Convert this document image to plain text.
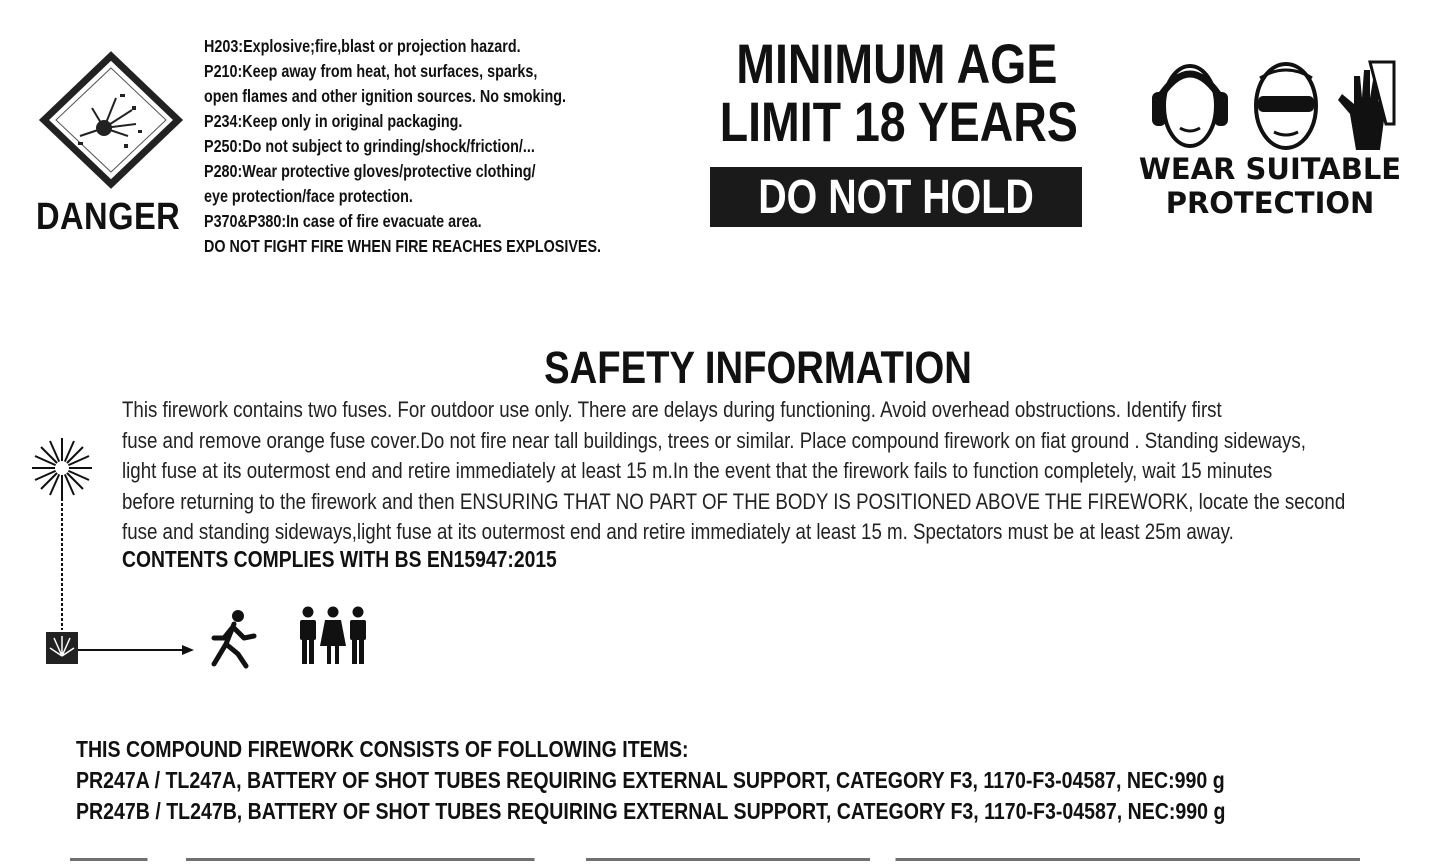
DANGER
H203:Explosive;fire,blast or projection hazard.
P210:Keep away from heat, hot surfaces, sparks,
open flames and other ignition sources. No smoking.
P234:Keep only in original packaging.
P250:Do not subject to grinding/shock/friction/...
P280:Wear protective gloves/protective clothing/
eye protection/face protection.
P370&P380:In case of fire evacuate area.
DO NOT FIGHT FIRE WHEN FIRE REACHES EXPLOSIVES.
MINIMUM AGE
LIMIT 18 YEARS
DO NOT HOLD
WEAR SUITABLE
PROTECTION
SAFETY INFORMATION
This firework contains two fuses. For outdoor use only. There are delays during functioning. Avoid overhead obstructions. Identify first
fuse and remove orange fuse cover.Do not fire near tall buildings, trees or similar. Place compound firework on fiat ground . Standing sideways,
light fuse at its outermost end and retire immediately at least 15 m.In the event that the firework fails to function completely, wait 15 minutes
before returning to the firework and then ENSURING THAT NO PART OF THE BODY IS POSITIONED ABOVE THE FIREWORK, locate the second
fuse and standing sideways,light fuse at its outermost end and retire immediately at least 15 m. Spectators must be at least 25m away.
CONTENTS COMPLIES WITH BS EN15947:2015
THIS COMPOUND FIREWORK CONSISTS OF FOLLOWING ITEMS:
PR247A / TL247A, BATTERY OF SHOT TUBES REQUIRING EXTERNAL SUPPORT, CATEGORY F3, 1170-F3-04587, NEC:990 g
PR247B / TL247B, BATTERY OF SHOT TUBES REQUIRING EXTERNAL SUPPORT, CATEGORY F3, 1170-F3-04587, NEC:990 g
